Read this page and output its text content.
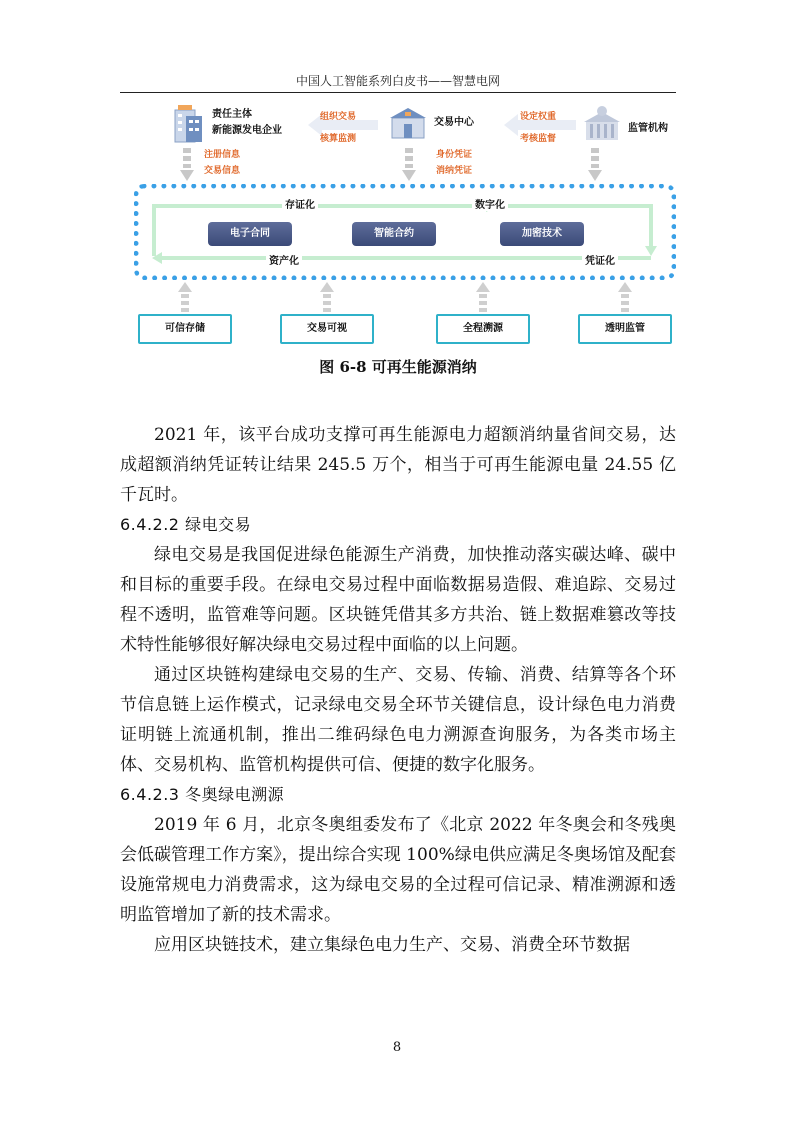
中国人工智能系列白皮书——智慧电网
责任主体
新能源发电企业
组织交易
核算监测
交易中心	设定权重
考核监督
监管机构
注册信息
交易信息
身份凭证
消纳凭证
存证化	数字化
资产化	凭证化
电子合同	智能合约	加密技术
可信存储	交易可视	全程溯源	透明监管
图 6-8 可再生能源消纳

2021 年，该平台成功支撑可再生能源电力超额消纳量省间交易，达成超额消纳凭证转让结果 245.5 万个，相当于可再生能源电量 24.55 亿千瓦时。

6.4.2.2 绿电交易

绿电交易是我国促进绿色能源生产消费，加快推动落实碳达峰、碳中和目标的重要手段。在绿电交易过程中面临数据易造假、难追踪、交易过程不透明，监管难等问题。区块链凭借其多方共治、链上数据难篡改等技术特性能够很好解决绿电交易过程中面临的以上问题。

通过区块链构建绿电交易的生产、交易、传输、消费、结算等各个环节信息链上运作模式，记录绿电交易全环节关键信息，设计绿色电力消费证明链上流通机制，推出二维码绿色电力溯源查询服务，为各类市场主体、交易机构、监管机构提供可信、便捷的数字化服务。

6.4.2.3 冬奥绿电溯源

2019 年 6 月，北京冬奥组委发布了《北京 2022 年冬奥会和冬残奥会低碳管理工作方案》，提出综合实现 100%绿电供应满足冬奥场馆及配套设施常规电力消费需求，这为绿电交易的全过程可信记录、精准溯源和透明监管增加了新的技术需求。

应用区块链技术，建立集绿色电力生产、交易、消费全环节数据

8
